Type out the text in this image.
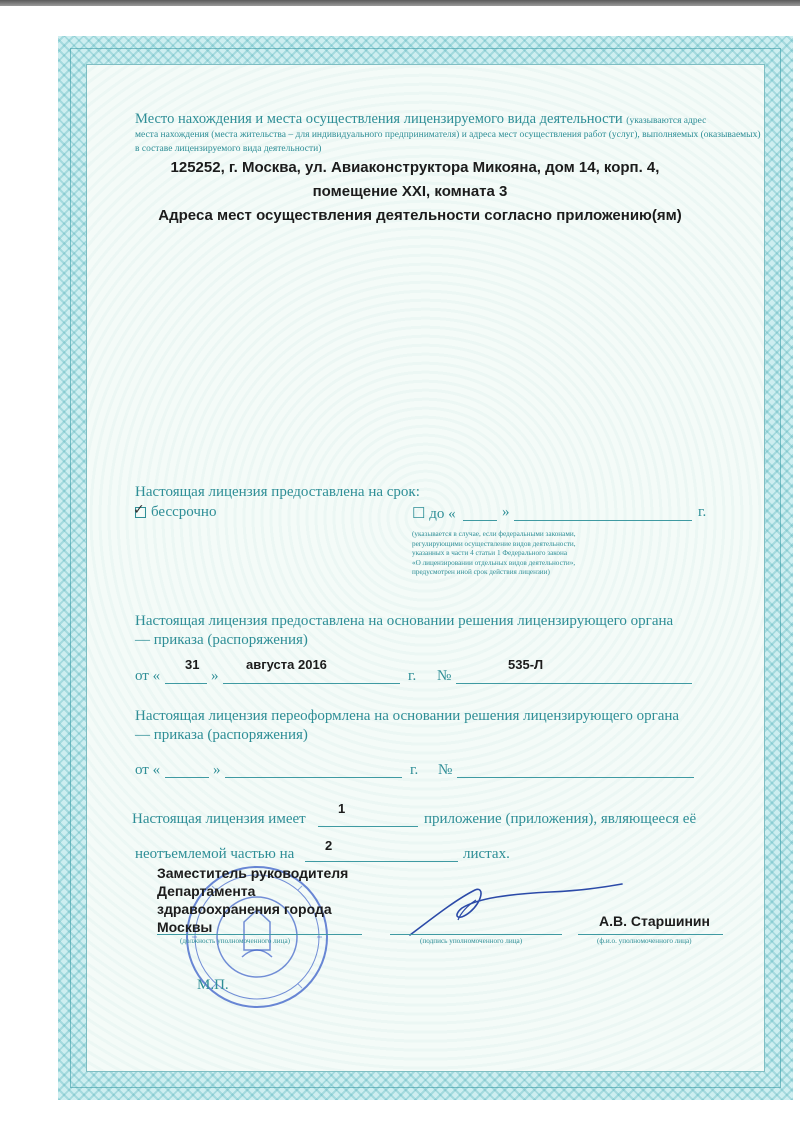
Место нахождения и места осуществления лицензируемого вида деятельности (указываются адрес
места нахождения (места жительства – для индивидуального предпринимателя) и адреса мест осуществления работ (услуг), выполняемых (оказываемых)
в составе лицензируемого вида деятельности)
125252, г. Москва, ул. Авиаконструктора Микояна, дом 14, корп. 4,
помещение XXI, комната 3
Адреса мест осуществления деятельности согласно приложению(ям)
Настоящая лицензия предоставлена на срок:
✓ бессрочно	☐ до «	»	г.
(указывается в случае, если федеральными законами,
регулирующими осуществление видов деятельности,
указанных в части 4 статьи 1 Федерального закона
«О лицензировании отдельных видов деятельности»,
предусмотрен иной срок действия лицензии)
Настоящая лицензия предоставлена на основании решения лицензирующего органа
— приказа (распоряжения)
от «
31
»
августа 2016
г. №
535-Л
Настоящая лицензия переоформлена на основании решения лицензирующего органа
— приказа (распоряжения)
от «	»	г. №
Настоящая лицензия имеет
1
приложение (приложения), являющееся её
неотъемлемой частью на
2
листах.
Заместитель руководителя
Департамента
здравоохранения города
Москвы
(должность уполномоченного лица)	(подпись уполномоченного лица)
А.В. Старшинин
(ф.и.о. уполномоченного лица)
М.П.
